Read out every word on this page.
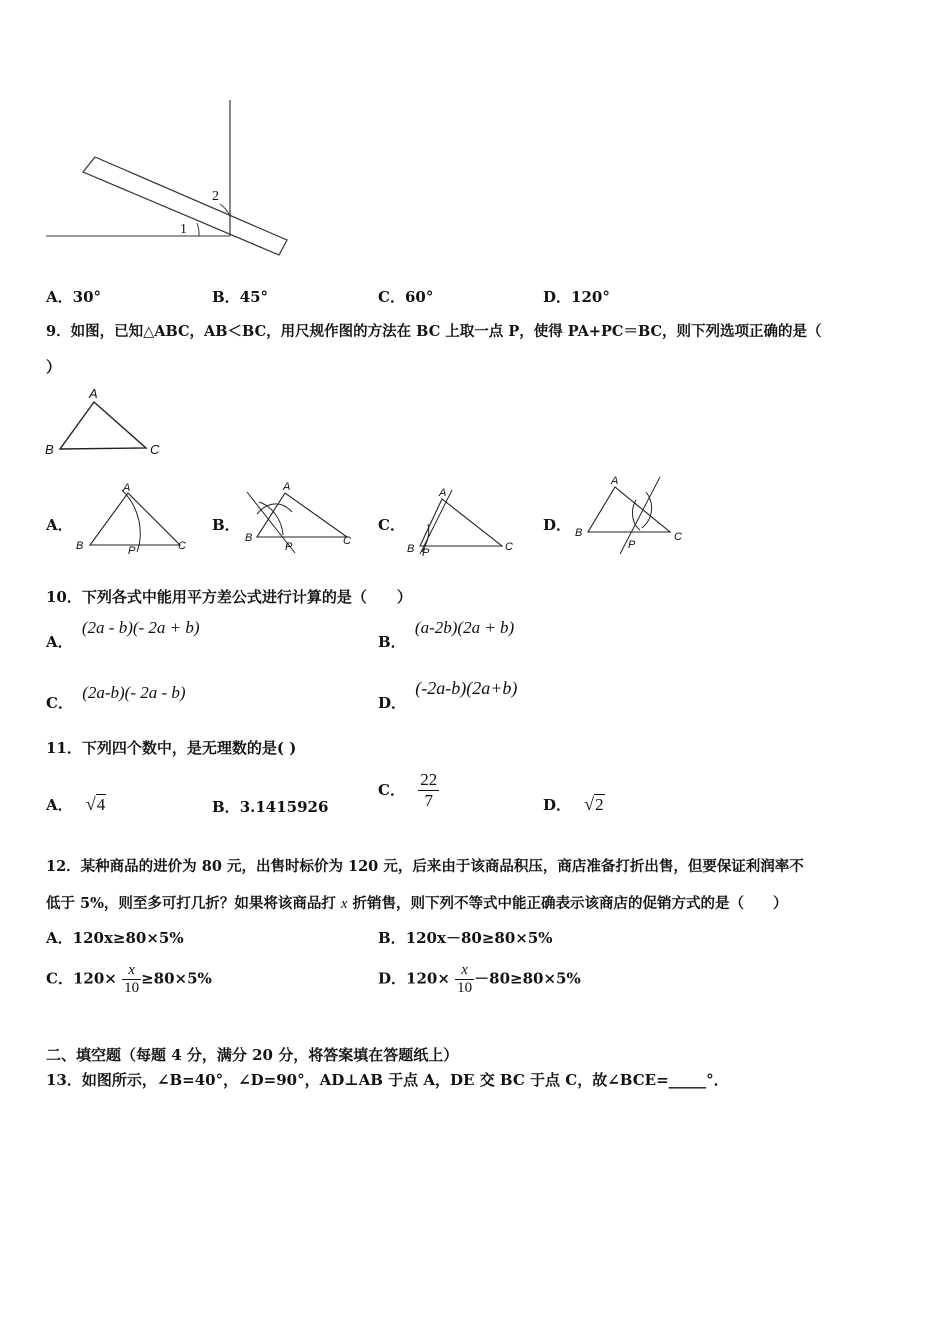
1
2
A．30°	B．45°	C．60°	D．120°
9．如图，已知△ABC，AB＜BC，用尺规作图的方法在 BC 上取一点 P，使得 PA+PC＝BC，则下列选项正确的是（
）
A
B	C
A．
A
B	C
P
B．
A
B	C
P
C．
A
B	C
P
D．
A
B	C
P
10．下列各式中能用平方差公式进行计算的是（　　）
A． (2a - b)(- 2a + b)
B． (a-2b)(2a + b)
C． (2a-b)(- 2a - b)
D． (-2a-b)(2a+b)
11．下列四个数中，是无理数的是( )
A． √4	B．3.1415926
C． $\frac{22}{7}$	D． √2
12．某种商品的进价为 80 元，出售时标价为 120 元，后来由于该商品积压，商店准备打折出售，但要保证利润率不
低于 5%，则至多可打几折？如果将该商品打 x 折销售，则下列不等式中能正确表示该商店的促销方式的是（　　）
A．120x≥80×5%	B．120x－80≥80×5%
C．$120\times \frac{x}{10} \ge 80\times 5\%$	D．$120\times \frac{x}{10} -80\ge 80\times 5\%$
二、填空题（每题 4 分，满分 20 分，将答案填在答题纸上）
13．如图所示，∠B=40°，∠D=90°，AD⊥AB 于点 A，DE 交 BC 于点 C，故∠BCE=_____°．
